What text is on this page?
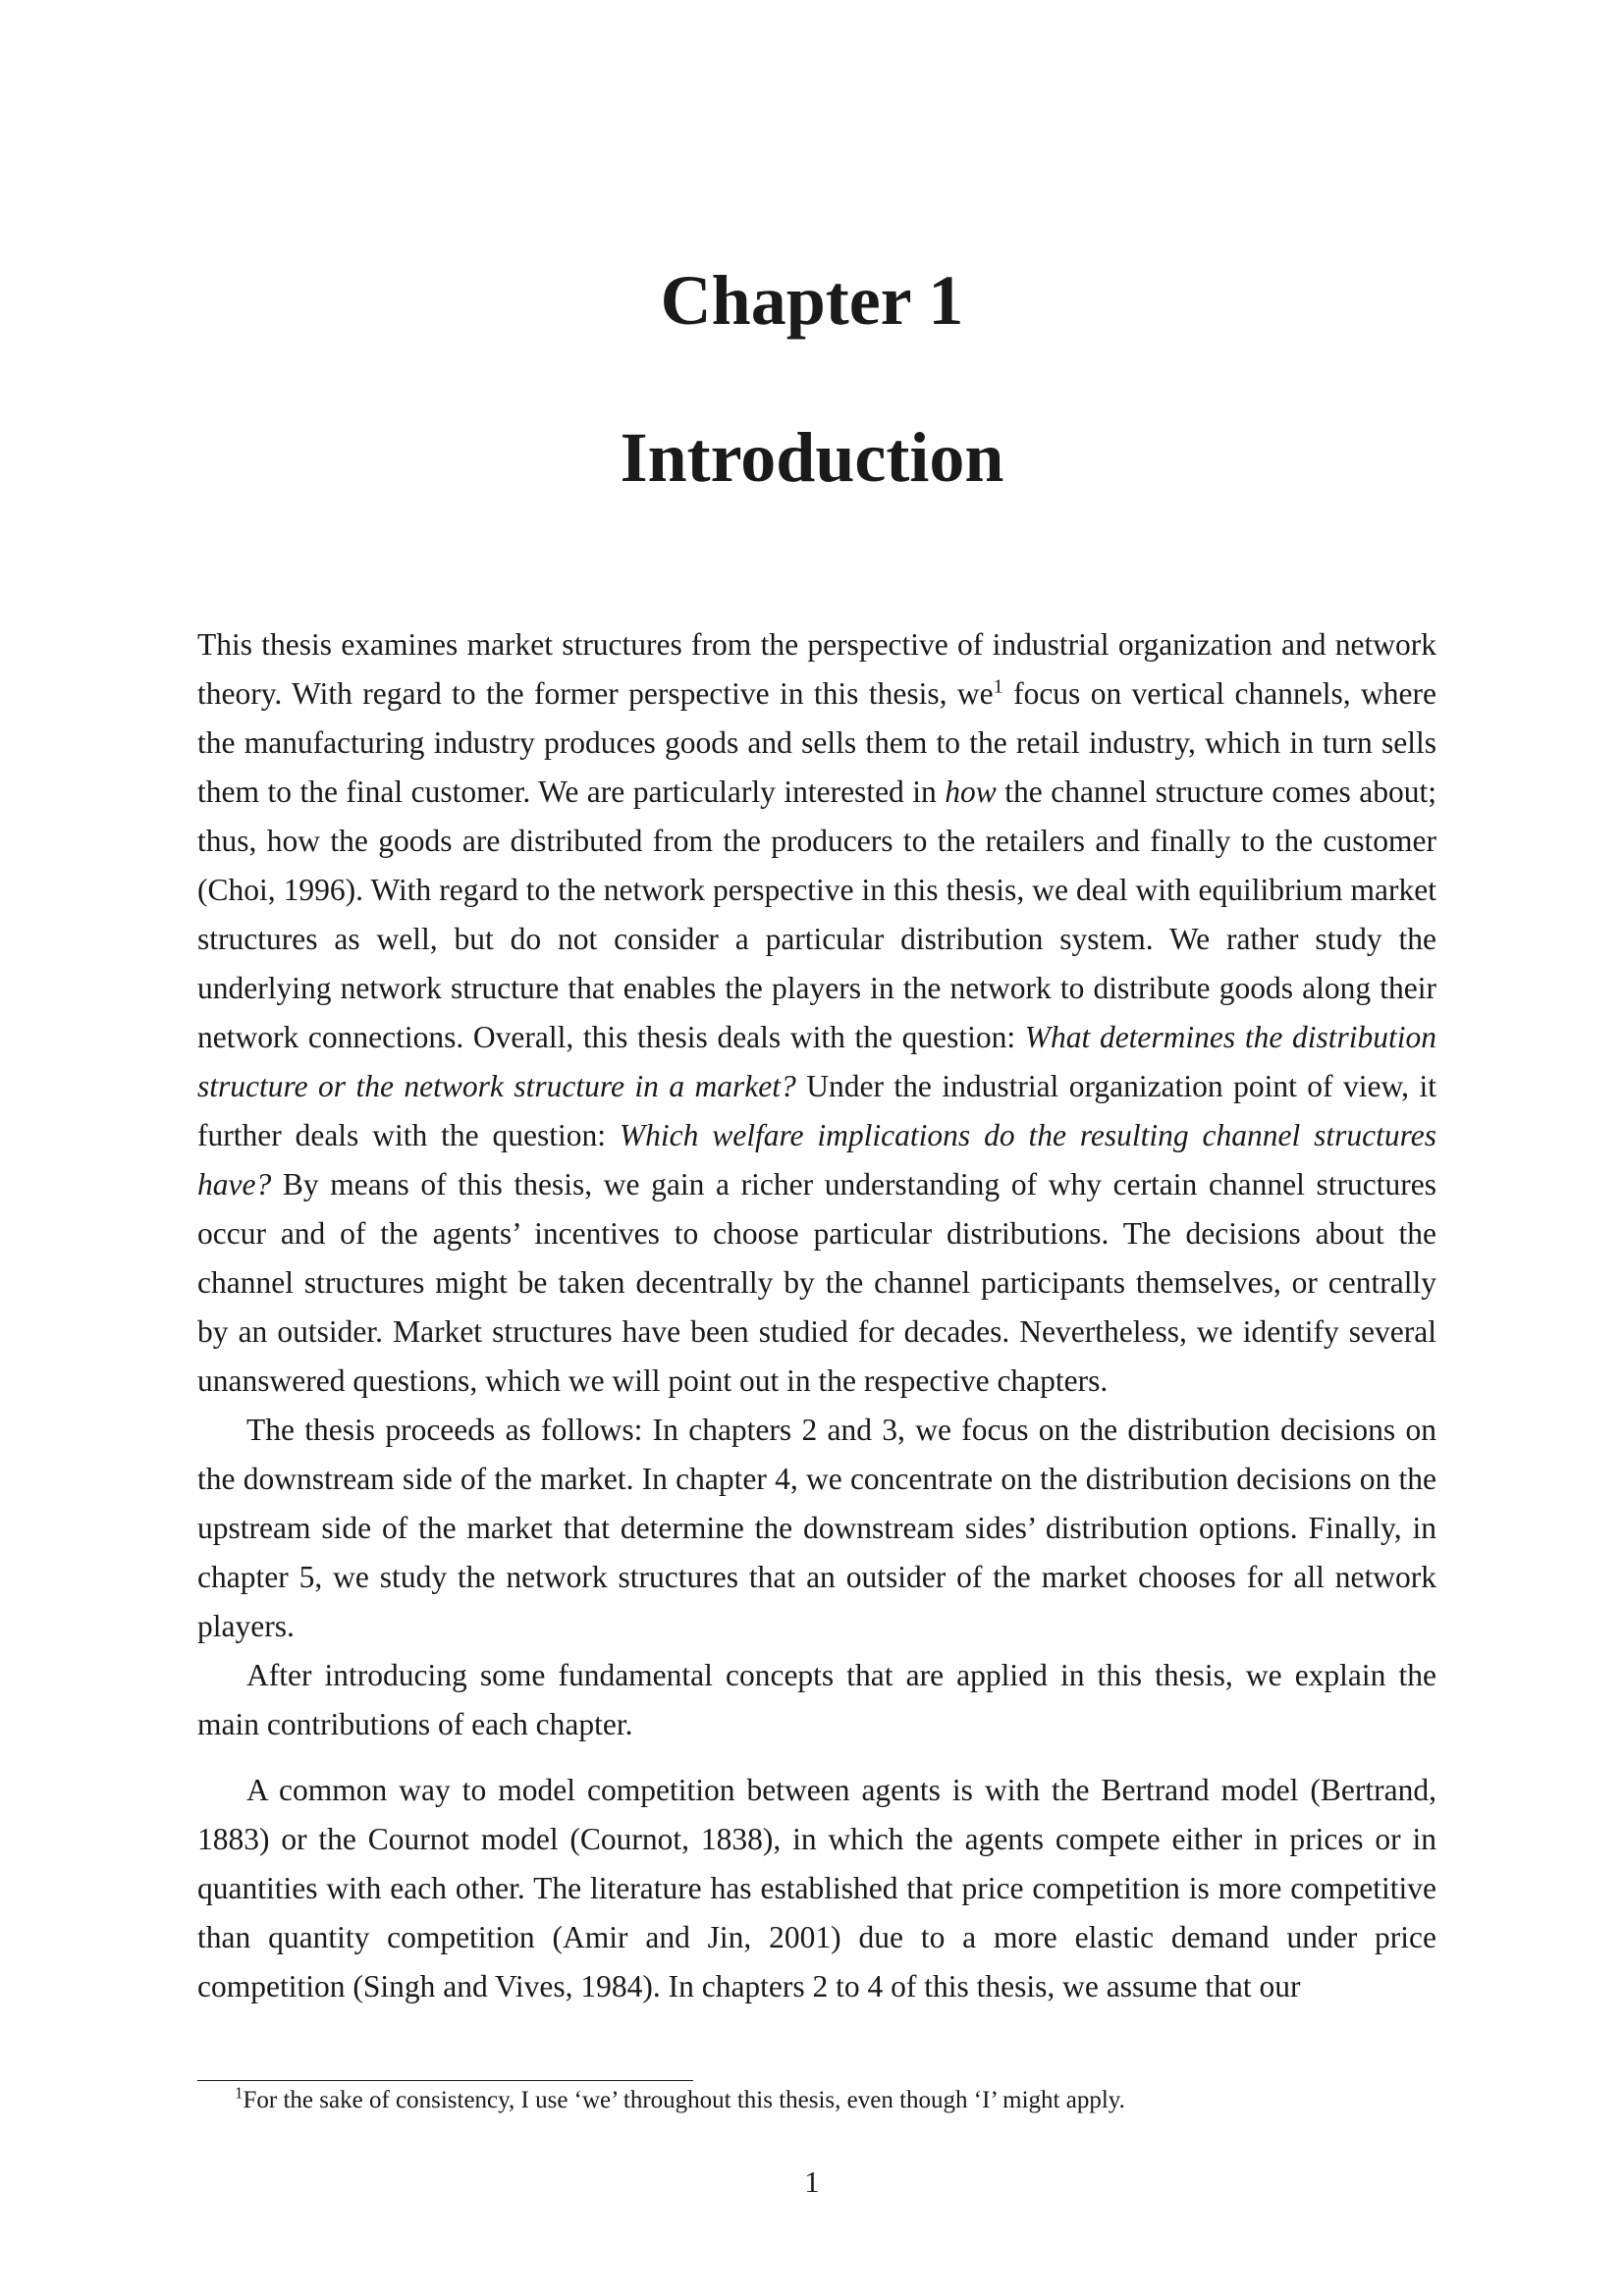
Chapter 1
Introduction

This thesis examines market structures from the perspective of industrial organization and network theory. With regard to the former perspective in this thesis, $we^1$ focus on vertical channels, where the manufacturing industry produces goods and sells them to the retail industry, which in turn sells them to the final customer. We are particularly interested in how the channel structure comes about; thus, how the goods are distributed from the producers to the retailers and finally to the customer (Choi, 1996). With regard to the network perspective in this thesis, we deal with equilibrium market structures as well, but do not consider a particular distribution system. We rather study the underlying network structure that enables the players in the network to distribute goods along their network connections. Overall, this thesis deals with the question: What determines the distribution structure or the network structure in a market? Under the industrial organization point of view, it further deals with the question: Which welfare implications do the resulting channel structures have? By means of this thesis, we gain a richer understanding of why certain channel structures occur and of the agents’ incentives to choose particular distributions. The decisions about the channel structures might be taken decentrally by the channel participants themselves, or centrally by an outsider. Market structures have been studied for decades. Nevertheless, we identify several unanswered questions, which we will point out in the respective chapters.

The thesis proceeds as follows: In chapters 2 and 3, we focus on the distribution decisions on the downstream side of the market. In chapter 4, we concentrate on the distribution decisions on the upstream side of the market that determine the downstream sides’ distribution options. Finally, in chapter 5, we study the network structures that an outsider of the market chooses for all network players.

After introducing some fundamental concepts that are applied in this thesis, we explain the main contributions of each chapter.

A common way to model competition between agents is with the Bertrand model (Bertrand, 1883) or the Cournot model (Cournot, 1838), in which the agents compete either in prices or in quantities with each other. The literature has established that price competition is more competitive than quantity competition (Amir and Jin, 2001) due to a more elastic demand under price competition (Singh and Vives, 1984). In chapters 2 to 4 of this thesis, we assume that our

$^1$For the sake of consistency, I use ‘we’ throughout this thesis, even though ‘I’ might apply.
1
